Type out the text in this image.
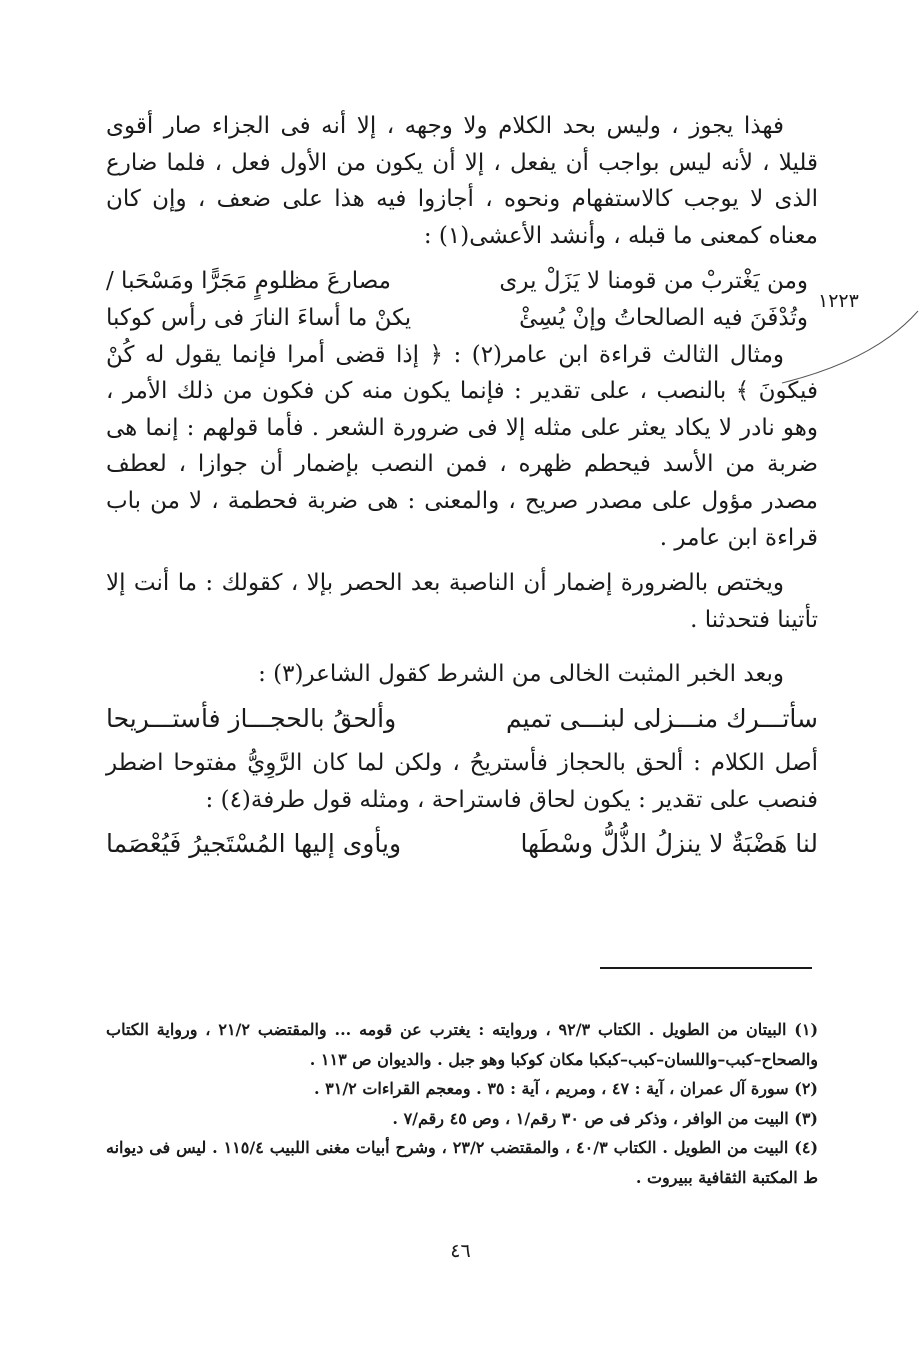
١٢٢٣

فهذا يجوز ، وليس بحد الكلام ولا وجهه ، إلا أنه فى الجزاء صار أقوى قليلا ، لأنه ليس بواجب أن يفعل ، إلا أن يكون من الأول فعل ، فلما ضارع الذى لا يوجب كالاستفهام ونحوه ، أجازوا فيه هذا على ضعف ، وإن كان معناه كمعنى ما قبله ، وأنشد الأعشى(١) :

ومن يَغْتربْ من قومنا لا يَزَلْ يرى
مصارعَ مظلومٍ مَجَرًّا ومَسْحَبا /
وتُدْفَنَ فيه الصالحاتُ وإنْ يُسِئْ
يكنْ ما أساءَ النارَ فى رأس كوكبا

ومثال الثالث قراءة ابن عامر(٢) : ﴿ إذا قضى أمرا فإنما يقول له كُنْ فيكونَ ﴾ بالنصب ، على تقدير : فإنما يكون منه كن فكون من ذلك الأمر ، وهو نادر لا يكاد يعثر على مثله إلا فى ضرورة الشعر . فأما قولهم : إنما هى ضربة من الأسد فيحطم ظهره ، فمن النصب بإضمار أن جوازا ، لعطف مصدر مؤول على مصدر صريح ، والمعنى : هى ضربة فحطمة ، لا من باب قراءة ابن عامر .

ويختص بالضرورة إضمار أن الناصبة بعد الحصر بإلا ، كقولك : ما أنت إلا تأتينا فتحدثنا .

وبعد الخبر المثبت الخالى من الشرط كقول الشاعر(٣) :

سأتـــرك منـــزلى لبنـــى تميم
وألحقُ بالحجـــاز فأستـــريحا

أصل الكلام : ألحق بالحجاز فأستريحُ ، ولكن لما كان الرَّوِيُّ مفتوحا اضطر فنصب على تقدير : يكون لحاق فاستراحة ، ومثله قول طرفة(٤) :

لنا هَضْبَةٌ لا ينزلُ الذُّلُّ وسْطَها
ويأوى إليها المُسْتَجيرُ فَيُعْصَما

(١) البيتان من الطويل . الكتاب ٩٢/٣ ، وروايته : يغترب عن قومه ... والمقتضب ٢١/٢ ، ورواية الكتاب والصحاح–كبب–واللسان–كبب–كبكبا مكان كوكبا وهو جبل . والديوان ص ١١٣ .

(٢) سورة آل عمران ، آية : ٤٧ ، ومريم ، آية : ٣٥ . ومعجم القراءات ٣١/٢ .

(٣) البيت من الوافر ، وذكر فى ص ٣٠ رقم/١ ، وص ٤٥ رقم/٧ .

(٤) البيت من الطويل . الكتاب ٤٠/٣ ، والمقتضب ٢٣/٢ ، وشرح أبيات مغنى اللبيب ١١٥/٤ . ليس فى ديوانه ط المكتبة الثقافية ببيروت .

٤٦
